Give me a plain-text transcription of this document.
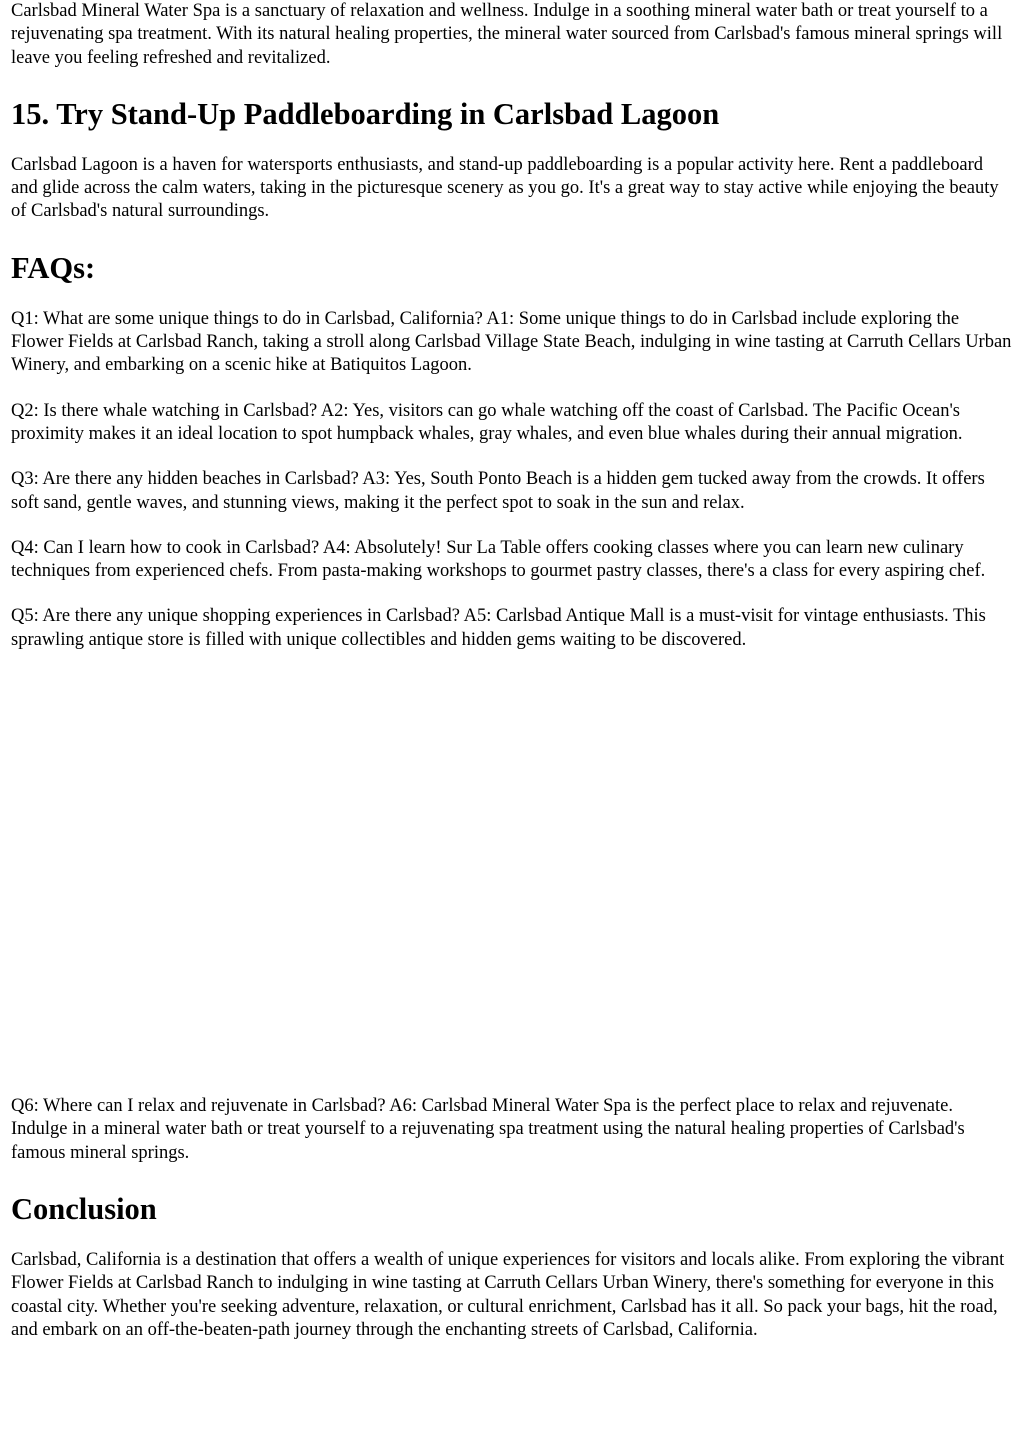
Carlsbad Mineral Water Spa is a sanctuary of relaxation and wellness. Indulge in a soothing mineral water bath or treat yourself to a rejuvenating spa treatment. With its natural healing properties, the mineral water sourced from Carlsbad's famous mineral springs will leave you feeling refreshed and revitalized.

15. Try Stand-Up Paddleboarding in Carlsbad Lagoon

Carlsbad Lagoon is a haven for watersports enthusiasts, and stand-up paddleboarding is a popular activity here. Rent a paddleboard and glide across the calm waters, taking in the picturesque scenery as you go. It's a great way to stay active while enjoying the beauty of Carlsbad's natural surroundings.

FAQs:

Q1: What are some unique things to do in Carlsbad, California? A1: Some unique things to do in Carlsbad include exploring the Flower Fields at Carlsbad Ranch, taking a stroll along Carlsbad Village State Beach, indulging in wine tasting at Carruth Cellars Urban Winery, and embarking on a scenic hike at Batiquitos Lagoon.

Q2: Is there whale watching in Carlsbad? A2: Yes, visitors can go whale watching off the coast of Carlsbad. The Pacific Ocean's proximity makes it an ideal location to spot humpback whales, gray whales, and even blue whales during their annual migration.

Q3: Are there any hidden beaches in Carlsbad? A3: Yes, South Ponto Beach is a hidden gem tucked away from the crowds. It offers soft sand, gentle waves, and stunning views, making it the perfect spot to soak in the sun and relax.

Q4: Can I learn how to cook in Carlsbad? A4: Absolutely! Sur La Table offers cooking classes where you can learn new culinary techniques from experienced chefs. From pasta-making workshops to gourmet pastry classes, there's a class for every aspiring chef.

Q5: Are there any unique shopping experiences in Carlsbad? A5: Carlsbad Antique Mall is a must-visit for vintage enthusiasts. This sprawling antique store is filled with unique collectibles and hidden gems waiting to be discovered.

Q6: Where can I relax and rejuvenate in Carlsbad? A6: Carlsbad Mineral Water Spa is the perfect place to relax and rejuvenate. Indulge in a mineral water bath or treat yourself to a rejuvenating spa treatment using the natural healing properties of Carlsbad's famous mineral springs.

Conclusion

Carlsbad, California is a destination that offers a wealth of unique experiences for visitors and locals alike. From exploring the vibrant Flower Fields at Carlsbad Ranch to indulging in wine tasting at Carruth Cellars Urban Winery, there's something for everyone in this coastal city. Whether you're seeking adventure, relaxation, or cultural enrichment, Carlsbad has it all. So pack your bags, hit the road, and embark on an off-the-beaten-path journey through the enchanting streets of Carlsbad, California.
